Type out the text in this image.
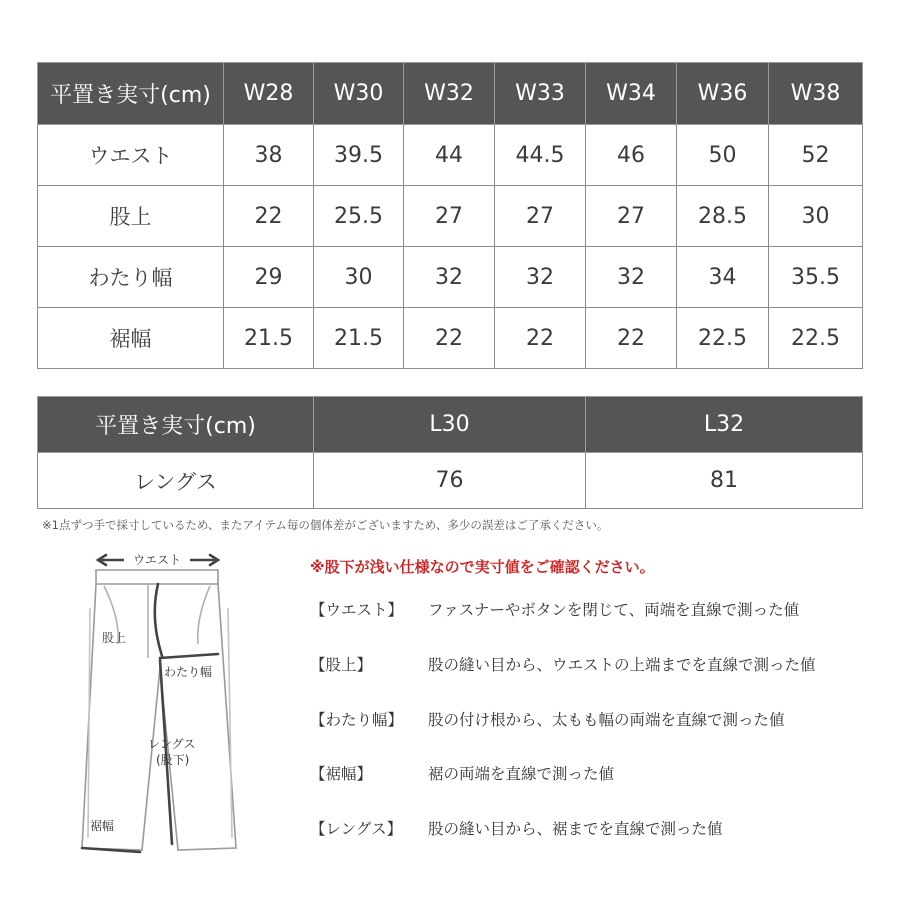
平置き実寸(cm)	W28	W30	W32	W33	W34	W36	W38
ウエスト	38	39.5	44	44.5	46	50	52
股上	22	25.5	27	27	27	28.5	30
わたり幅	29	30	32	32	32	34	35.5
裾幅	21.5	21.5	22	22	22	22.5	22.5
平置き実寸(cm)	L30	L32
レングス	76	81
※1点ずつ手で採寸しているため、またアイテム毎の個体差がございますため、多少の誤差はご了承ください。
ウエスト
股上
わたり幅
レングス
(股下)
裾幅
※股下が浅い仕様なので実寸値をご確認ください。
【ウエスト】 ファスナーやボタンを閉じて、両端を直線で測った値
【股上】	股の縫い目から、ウエストの上端までを直線で測った値
【わたり幅】 股の付け根から、太もも幅の両端を直線で測った値
【裾幅】	裾の両端を直線で測った値
【レングス】 股の縫い目から、裾までを直線で測った値
